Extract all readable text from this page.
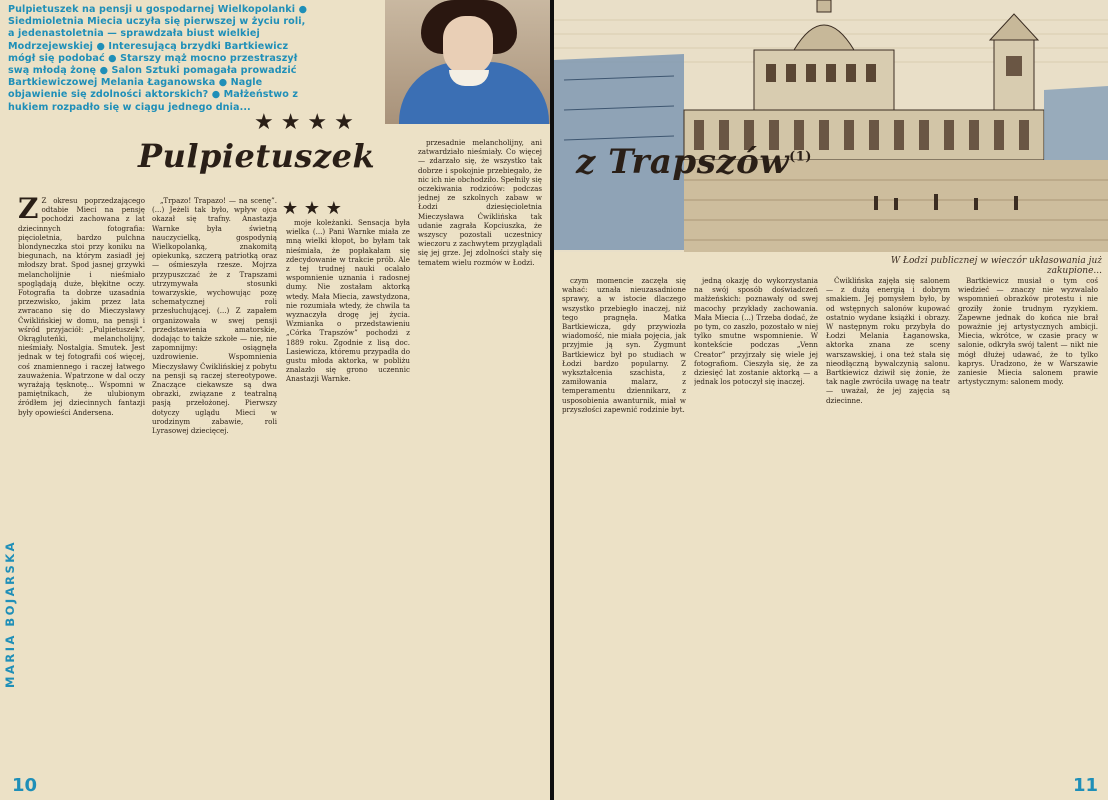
Pulpietuszek na pensji u gospodarnej Wielkopolanki ● Siedmioletnia Miecia uczyła się pierwszej w życiu roli, a jedenastoletnia — sprawdzała biust wielkiej Modrzejewskiej ● Interesującą brzydki Bartkiewicz mógł się podobać ● Starszy mąż mocno przestraszył swą młodą żonę ● Salon Sztuki pomagała prowadzić Bartkiewiczowej Melania Łaganowska ● Nagle objawienie się zdolności aktorskich? ● Małżeństwo z hukiem rozpadło się w ciągu jednego dnia...

★ ★ ★ ★
Pulpietuszek
★ ★ ★
MARIA BOJARSKA

Z Z okresu poprzedzającego odtabie Mieci na pensję pochodzi zachowana z lat dziecinnych fotografia: pięcioletnia, bardzo pulchna blondyneczka stoi przy koniku na biegunach, na którym zasiadł jej młodszy brat. Spod jasnej grzywki melancholijnie i nieśmiało spoglądają duże, błękitne oczy. Fotografia ta dobrze uzasadnia przezwisko, jakim przez lata zwracano się do Mieczysławy Ćwiklińskiej w domu, na pensji i wśród przyjaciół: „Pulpietuszek”. Okrągluteńki, melancholijny, nieśmiały. Nostalgia. Smutek. Jest jednak w tej fotografii coś więcej, coś znamiennego i raczej łatwego zauważenia. Wpatrzone w dal oczy wyrażają tęsknotę... Wspomni w pamiętnikach, że ulubionym źródłem jej dziecinnych fantazji były opowieści Andersena.

„Trpazo! Trapazo! — na scenę”. (...) Jeżeli tak było, wpływ ojca okazał się trafny. Anastazja Warnke była świetną nauczycielką, gospodynią Wielkopolanką, znakomitą opiekunką, szczerą patriotką oraz — ośmieszyła rzesze. Mojrza przypuszczać że z Trapszami utrzymywała stosunki towarzyskie, wychowując pozę schematycznej roli przesłuchującej. (...) Z zapałem organizowała w swej pensji przedstawienia amatorskie, dodając to także szkołe — nie, nie zapomnijmy: osiągnęła uzdrowienie. Wspomnienia Mieczysławy Ćwiklińskiej z pobytu na pensji są raczej stereotypowe. Znaczące ciekawsze są dwa obrazki, związane z teatralną pasją przełożonej. Pierwszy dotyczy uglądu Mieci w urodzinym zabawie, roli Lyrasowej dziecięcej.

moje koleżanki. Sensacja była wielka (...) Pani Warnke miała ze mną wielki kłopot, bo byłam tak nieśmiała, że popłakałam się zdecydowanie w trakcie prób. Ale z tej trudnej nauki ocalało wspomnienie uznania i radosnej dumy. Nie zostałam aktorką wtedy. Mała Miecia, zawstydzona, nie rozumiała wtedy, że chwila ta wyznaczyła drogę jej życia. Wzmianka o przedstawieniu „Córka Trapszów” pochodzi z 1889 roku. Zgodnie z lisą doc. Lasiewicza, któremu przypadła do gustu młoda aktorka, w pobliżu znalazło się grono uczennic Anastazji Warnke.

przesadnie melancholijny, ani zatwardziało nieśmiały. Co więcej — zdarzało się, że wszystko tak dobrze i spokojnie przebiegało, że nic ich nie obchodziło. Spełnily się oczekiwania rodziców: podczas jednej ze szkolnych zabaw w Łodzi dziesięcioletnia Mieczysława Ćwiklińska tak udanie zagrała Kopciuszka, że wszyscy pozostali uczestnicy wieczoru z zachwytem przyglądali się jej grze. Jej zdolności stały się tematem wielu rozmów w Łodzi.

10
z Trapszów$^{(1)}$
W Łodzi publicznej w wieczór ukłasowania już zakupione...

czym momencie zaczęła się wahać: uznała nieuzasadnione sprawy, a w istocie dlaczego wszystko przebiegło inaczej, niż tego pragnęła. Matka Bartkiewicza, gdy przywiozła wiadomość, nie miała pojęcia, jak przyjmie ją syn. Zygmunt Bartkiewicz był po studiach w Łodzi bardzo popularny. Z wykształcenia szachista, z zamiłowania malarz, z temperamentu dziennikarz, z usposobienia awanturnik, miał w przyszłości zapewnić rodzinie byt.

jedną okazję do wykorzystania na swój sposób doświadczeń małżeńskich: poznawały od swej macochy przykłady zachowania. Mała Miecia (...) Trzeba dodać, że po tym, co zaszło, pozostało w niej tylko smutne wspomnienie. W kontekście podczas „Venn Creator” przyjrzały się wiele jej fotografiom. Cieszyła się, że za dziesięć lat zostanie aktorką — a jednak los potoczył się inaczej.

Ćwiklińska zajęła się salonem — z dużą energią i dobrym smakiem. Jej pomysłem było, by od wstępnych salonów kupować ostatnio wydane książki i obrazy. W następnym roku przybyła do Łodzi Melania Łaganowska, aktorka znana ze sceny warszawskiej, i ona też stała się nieodłączną bywalczynią salonu. Bartkiewicz dziwił się żonie, że tak nagle zwróciła uwagę na teatr — uważał, że jej zajęcia są dziecinne.

Bartkiewicz musiał o tym coś wiedzieć — znaczy nie wyzwalało wspomnień obrazków protestu i nie groziły żonie trudnym ryzykiem. Zapewne jednak do końca nie brał poważnie jej artystycznych ambicji. Miecia, wkrótce, w czasie pracy w salonie, odkryła swój talent — nikt nie mógł dłużej udawać, że to tylko kaprys. Uradzono, że w Warszawie zaniesie Miecia salonem prawie artystycznym: salonem mody.

11
